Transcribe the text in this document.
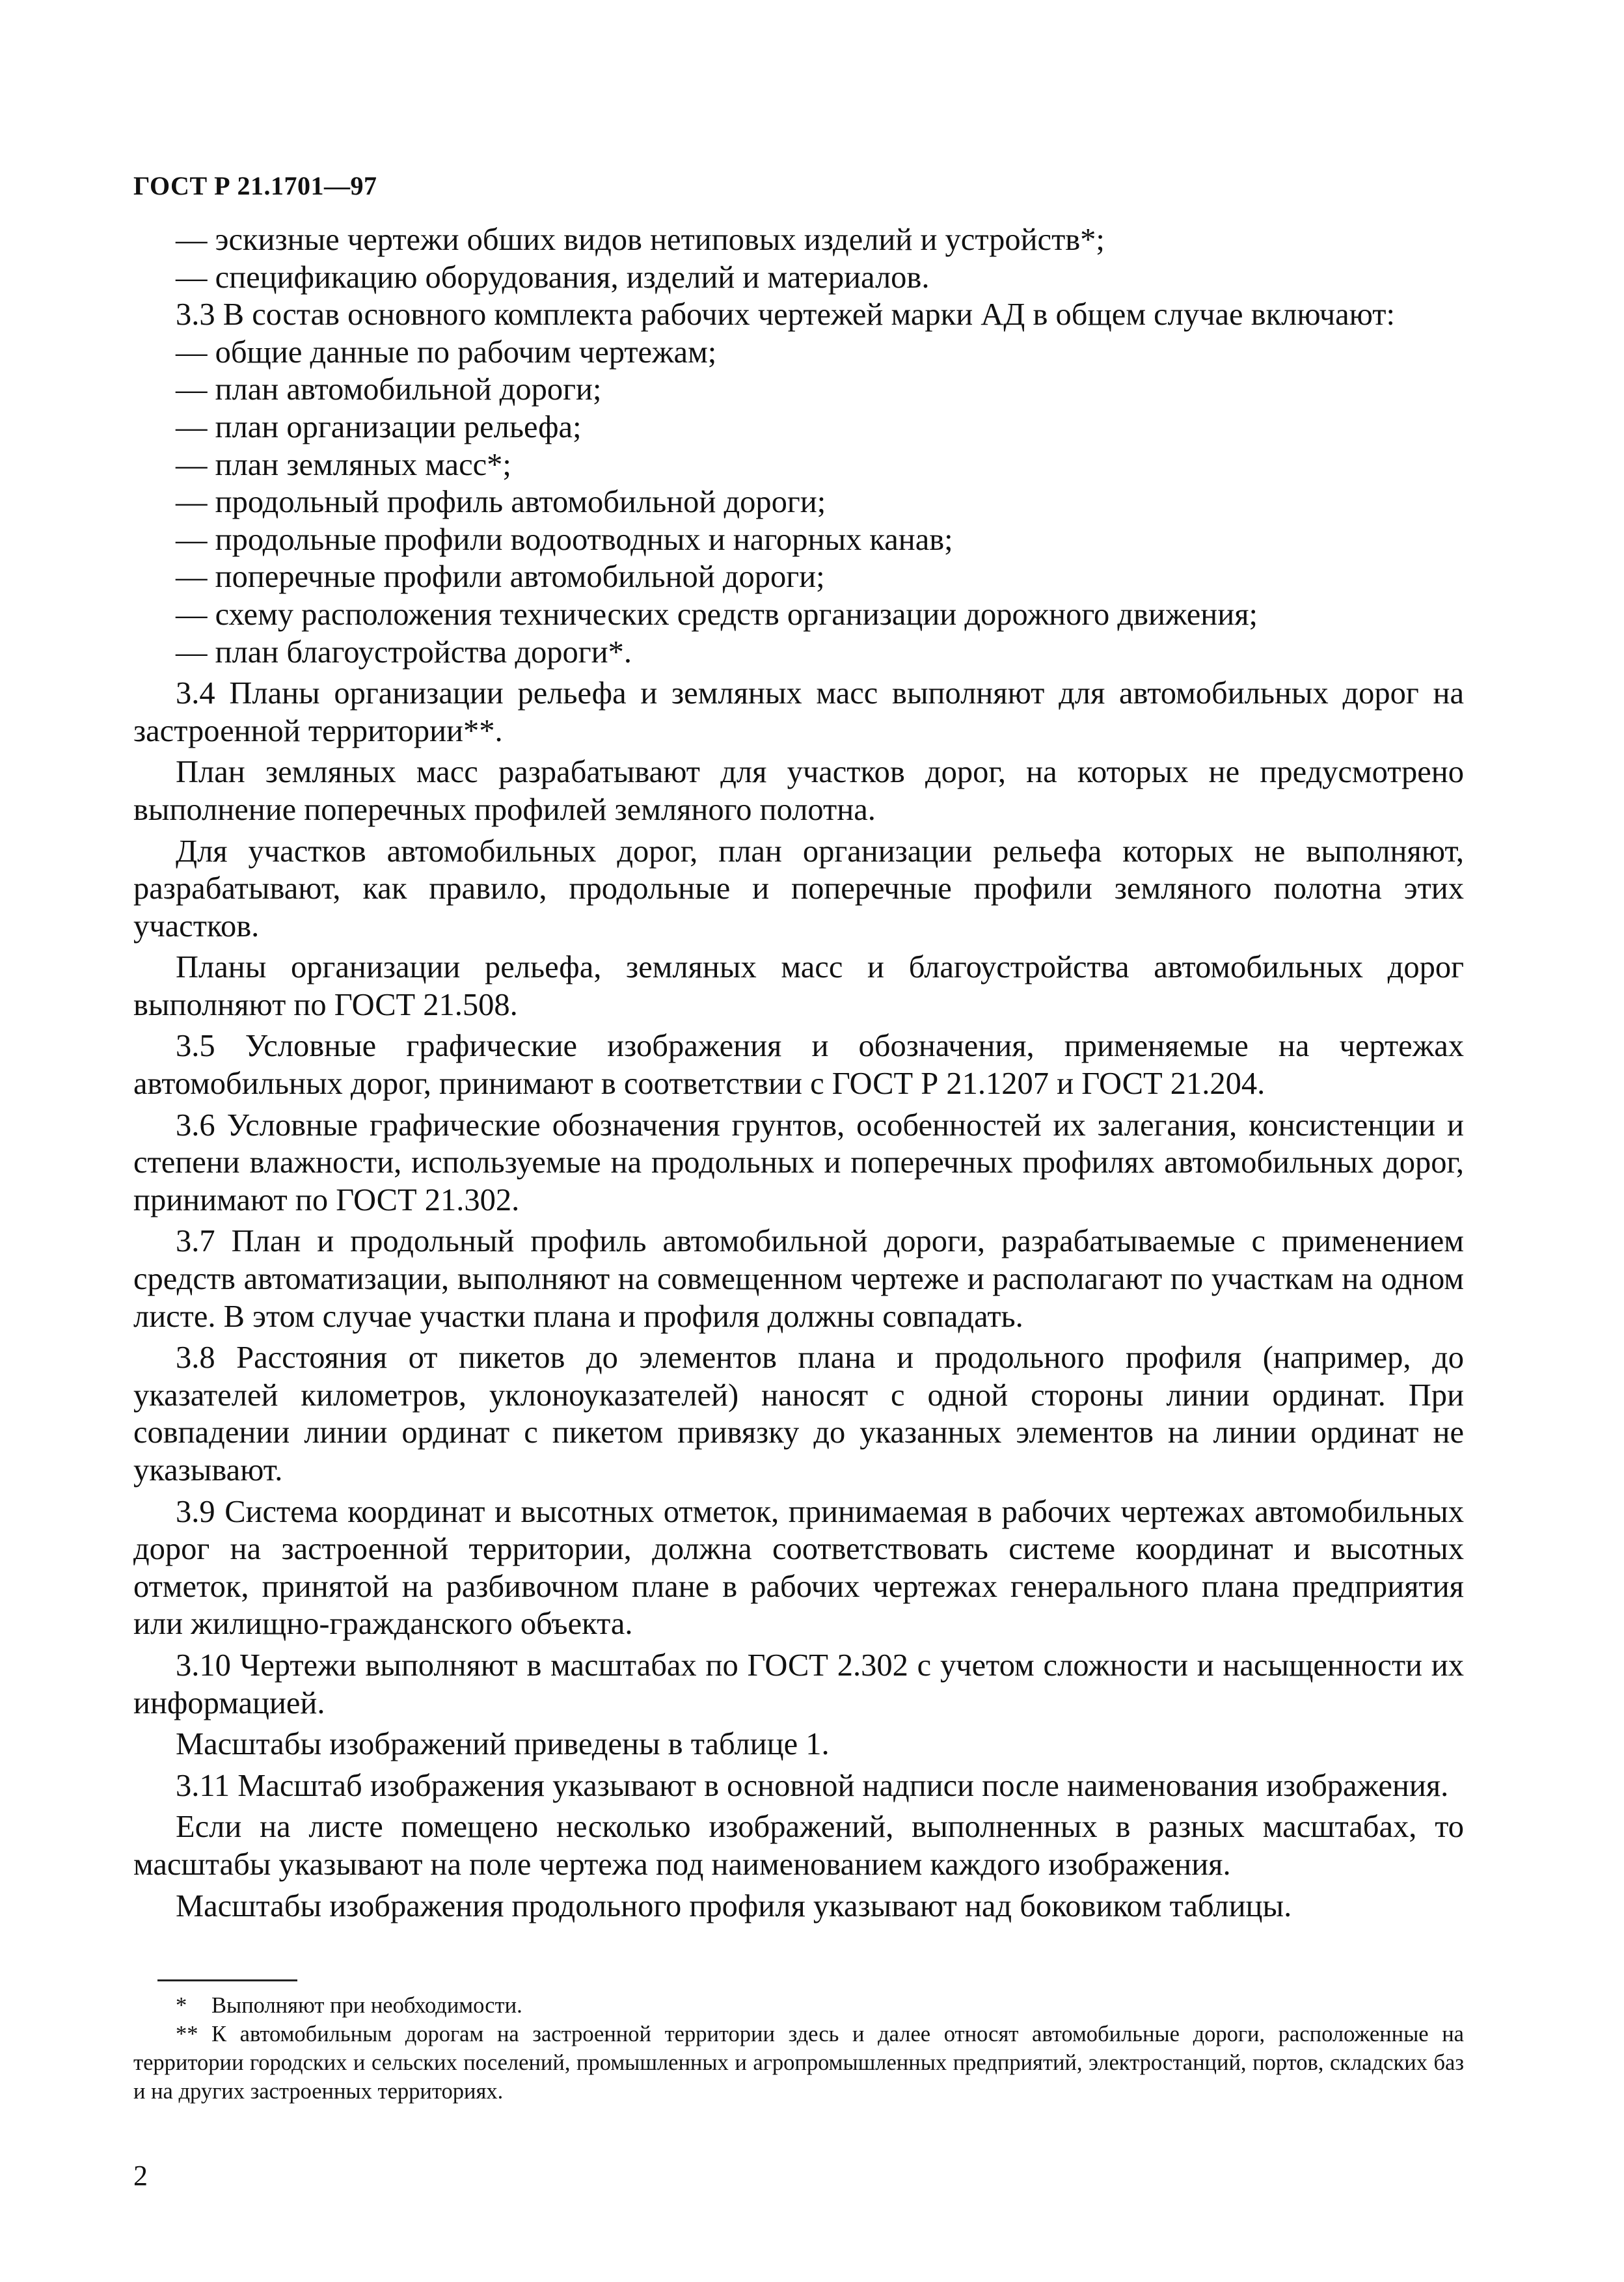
ГОСТ Р 21.1701—97

— эскизные чертежи обших видов нетиповых изделий и устройств*;

— спецификацию оборудования, изделий и материалов.

3.3 В состав основного комплекта рабочих чертежей марки АД в общем случае включают:

— общие данные по рабочим чертежам;

— план автомобильной дороги;

— план организации рельефа;

— план земляных масс*;

— продольный профиль автомобильной дороги;

— продольные профили водоотводных и нагорных канав;

— поперечные профили автомобильной дороги;

— схему расположения технических средств организации дорожного движения;

— план благоустройства дороги*.

3.4 Планы организации рельефа и земляных масс выполняют для автомобильных дорог на застроенной территории**.

План земляных масс разрабатывают для участков дорог, на которых не предусмотрено выполнение поперечных профилей земляного полотна.

Для участков автомобильных дорог, план организации рельефа которых не выполняют, разрабатывают, как правило, продольные и поперечные профили земляного полотна этих участков.

Планы организации рельефа, земляных масс и благоустройства автомобильных дорог выполняют по ГОСТ 21.508.

3.5 Условные графические изображения и обозначения, применяемые на чертежах автомобильных дорог, принимают в соответствии с ГОСТ Р 21.1207 и ГОСТ 21.204.

3.6 Условные графические обозначения грунтов, особенностей их залегания, консистенции и степени влажности, используемые на продольных и поперечных профилях автомобильных дорог, принимают по ГОСТ 21.302.

3.7 План и продольный профиль автомобильной дороги, разрабатываемые с применением средств автоматизации, выполняют на совмещенном чертеже и располагают по участкам на одном листе. В этом случае участки плана и профиля должны совпадать.

3.8 Расстояния от пикетов до элементов плана и продольного профиля (например, до указателей километров, уклоноуказателей) наносят с одной стороны линии ординат. При совпадении линии ординат с пикетом привязку до указанных элементов на линии ординат не указывают.

3.9 Система координат и высотных отметок, принимаемая в рабочих чертежах автомобильных дорог на застроенной территории, должна соответствовать системе координат и высотных отметок, принятой на разбивочном плане в рабочих чертежах генерального плана предприятия или жилищно-гражданского объекта.

3.10 Чертежи выполняют в масштабах по ГОСТ 2.302 с учетом сложности и насыщенности их информацией.

Масштабы изображений приведены в таблице 1.

3.11 Масштаб изображения указывают в основной надписи после наименования изображения.

Если на листе помещено несколько изображений, выполненных в разных масштабах, то масштабы указывают на поле чертежа под наименованием каждого изображения.

Масштабы изображения продольного профиля указывают над боковиком таблицы.

* Выполняют при необходимости.

** К автомобильным дорогам на застроенной территории здесь и далее относят автомобильные дороги, расположенные на территории городских и сельских поселений, промышленных и агропромышленных предприятий, электростанций, портов, складских баз и на других застроенных территориях.

2
